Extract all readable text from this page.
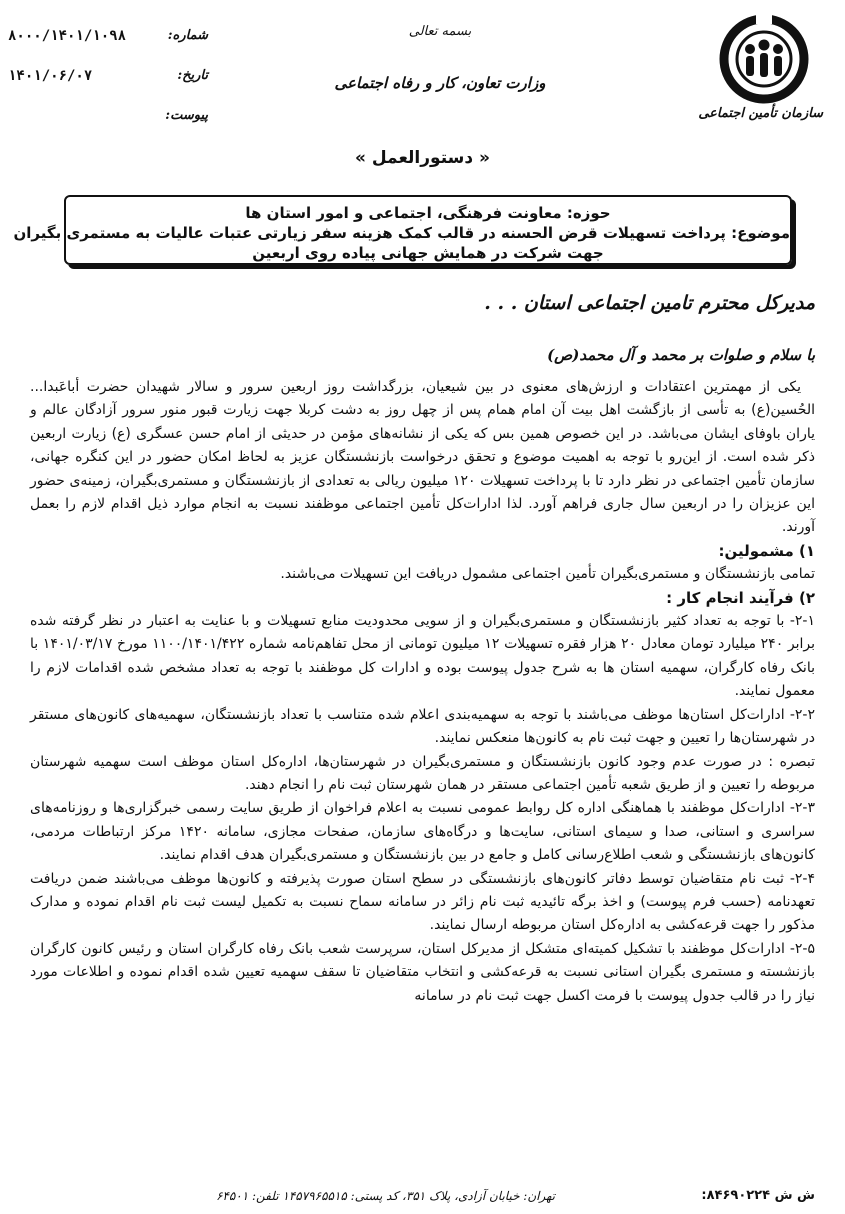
سازمان تأمین اجتماعی
بسمه تعالی
وزارت تعاون، کار و رفاه اجتماعی
۸۰۰۰/۱۴۰۱/۱۰۹۸	شماره:
۱۴۰۱/۰۶/۰۷	تاریخ:
پیوست:
« دستورالعمل »
حوزه: معاونت فرهنگی، اجتماعی و امور استان ها
موضوع: پرداخت تسهیلات قرض الحسنه در قالب کمک هزینه سفر زیارتی عتبات عالیات به مستمری بگیران
جهت شرکت در همایش جهانی پیاده روی اربعین
مدیرکل محترم تامین اجتماعی استان . . .
با سلام و صلوات بر محمد و آل محمد(ص)

یکی از مهمترین اعتقادات و ارزش‌های معنوی در بین شیعیان، بزرگداشت روز اربعین سرور و سالار شهیدان حضرت أباعَبدا... الحُسین(ع) به تأسی از بازگشت اهل بیت آن امام همام پس از چهل روز به دشت کربلا جهت زیارت قبور منور سرور آزادگان عالم و یاران باوفای ایشان می‌باشد. در این خصوص همین بس که یکی از نشانه‌های مؤمن در حدیثی از امام حسن عسگری (ع) زیارت اربعین ذکر شده است. از این‌رو با توجه به اهمیت موضوع و تحقق درخواست بازنشستگان عزیز به لحاظ امکان حضور در این کنگره جهانی، سازمان تأمین اجتماعی در نظر دارد تا با پرداخت تسهیلات ۱۲۰ میلیون ریالی به تعدادی از بازنشستگان و مستمری‌بگیران، زمینه‌ی حضور این عزیزان را در اربعین سال جاری فراهم آورد. لذا ادارات‌کل تأمین اجتماعی موظفند نسبت به انجام موارد ذیل اقدام لازم را بعمل آورند.

۱) مشمولین:

تمامی بازنشستگان و مستمری‌بگیران تأمین اجتماعی مشمول دریافت این تسهیلات می‌باشند.

۲) فرآیند انجام کار :

۲-۱- با توجه به تعداد کثیر بازنشستگان و مستمری‌بگیران و از سویی محدودیت منابع تسهیلات و با عنایت به اعتبار در نظر گرفته شده برابر ۲۴۰ میلیارد تومان معادل ۲۰ هزار فقره تسهیلات ۱۲ میلیون تومانی از محل تفاهم‌نامه شماره ۱۱۰۰/۱۴۰۱/۴۲۲ مورخ ۱۴۰۱/۰۳/۱۷ با بانک رفاه کارگران، سهمیه استان ها به شرح جدول پیوست بوده و ادارات کل موظفند با توجه به تعداد مشخص شده اقدامات لازم را معمول نمایند.

۲-۲- ادارات‌کل استان‌ها موظف می‌باشند با توجه به سهمیه‌بندی اعلام شده متناسب با تعداد بازنشستگان، سهمیه‌های کانون‌های مستقر در شهرستان‌ها را تعیین و جهت ثبت نام به کانون‌ها منعکس نمایند.

تبصره : در صورت عدم وجود کانون بازنشستگان و مستمری‌بگیران در شهرستان‌ها، اداره‌کل استان موظف است سهمیه شهرستان مربوطه را تعیین و از طریق شعبه تأمین اجتماعی مستقر در همان شهرستان ثبت نام را انجام دهند.

۲-۳- ادارات‌کل موظفند با هماهنگی اداره کل روابط عمومی نسبت به اعلام فراخوان از طریق سایت رسمی خبرگزاری‌ها و روزنامه‌های سراسری و استانی، صدا و سیمای استانی، سایت‌ها و درگاه‌های سازمان، صفحات مجازی، سامانه ۱۴۲۰ مرکز ارتباطات مردمی، کانون‌های بازنشستگی و شعب اطلاع‌رسانی کامل و جامع در بین بازنشستگان و مستمری‌بگیران هدف اقدام نمایند.

۲-۴- ثبت نام متقاضیان توسط دفاتر کانون‌های بازنشستگی در سطح استان صورت پذیرفته و کانون‌ها موظف می‌باشند ضمن دریافت تعهدنامه (حسب فرم پیوست) و اخذ برگه تائیدیه ثبت نام زائر در سامانه سماح نسبت به تکمیل لیست ثبت نام اقدام نموده و مدارک مذکور را جهت قرعه‌کشی به اداره‌کل استان مربوطه ارسال نمایند.

۲-۵- ادارات‌کل موظفند با تشکیل کمیته‌ای متشکل از مدیرکل استان، سرپرست شعب بانک رفاه کارگران استان و رئیس کانون کارگران بازنشسته و مستمری بگیران استانی نسبت به قرعه‌کشی و انتخاب متقاضیان تا سقف سهمیه تعیین شده اقدام نموده و اطلاعات مورد نیاز را در قالب جدول پیوست با فرمت اکسل جهت ثبت نام در سامانه

ش ش ۸۴۶۹۰۲۲۴:
تهران: خیابان آزادی، پلاک ۳۵۱، کد پستی: ۱۴۵۷۹۶۵۵۱۵ تلفن: ۶۴۵۰۱
